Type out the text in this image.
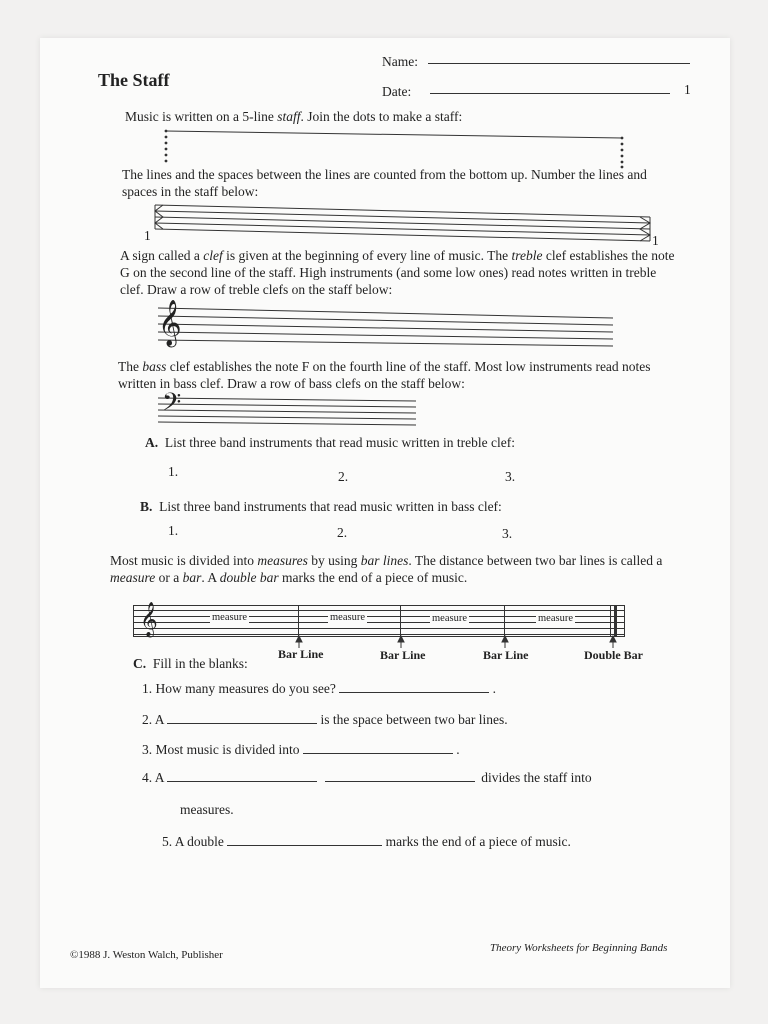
The Staff
Name:
Date:	1
Music is written on a 5-line staff. Join the dots to make a staff:
The lines and the spaces between the lines are counted from the bottom up. Number the lines and spaces in the staff below:
1	1
A sign called a clef is given at the beginning of every line of music. The treble clef establishes the note
G on the second line of the staff. High instruments (and some low ones) read notes written in treble
clef. Draw a row of treble clefs on the staff below:
𝄞
The bass clef establishes the note F on the fourth line of the staff. Most low instruments read notes
written in bass clef. Draw a row of bass clefs on the staff below:
𝄢
A. List three band instruments that read music written in treble clef:
1.	2.	3.
B. List three band instruments that read music written in bass clef:
1.	2.	3.
Most music is divided into measures by using bar lines. The distance between two bar lines is called a
measure or a bar. A double bar marks the end of a piece of music.
𝄞	measure	measure	measure	measure
Bar Line	Bar Line	Bar Line	Double Bar
C. Fill in the blanks:
1. How many measures do you see?	.
2. A	is the space between two bar lines.
3. Most music is divided into	.
4. A	divides the staff into
measures.
5. A double	marks the end of a piece of music.
©1988 J. Weston Walch, Publisher
Theory Worksheets for Beginning Bands
